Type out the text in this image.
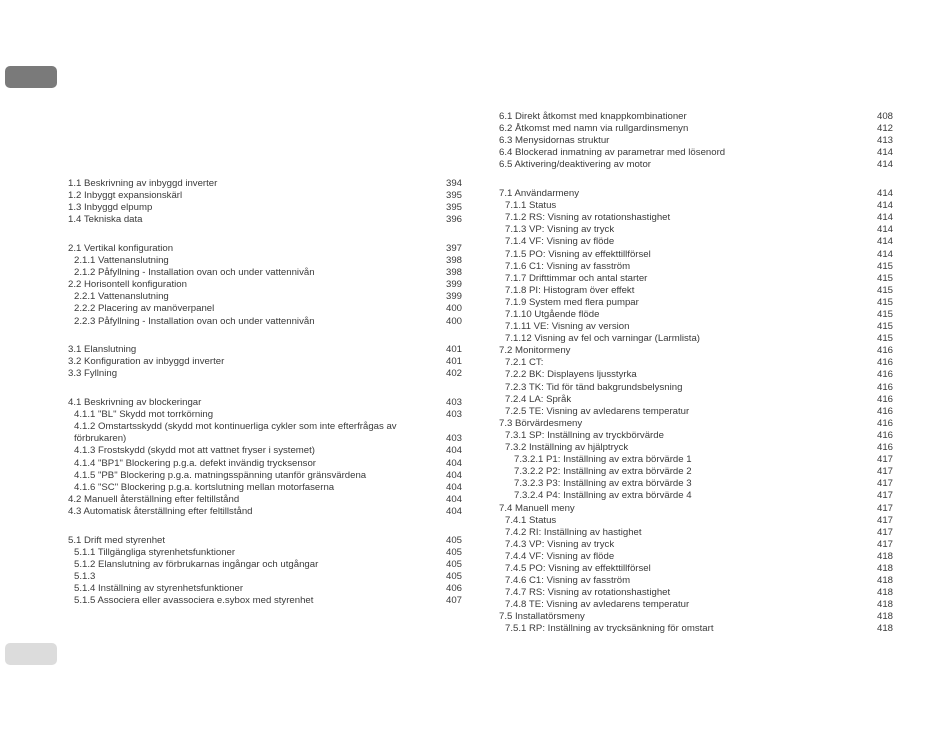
1.1 Beskrivning av inbyggd inverter	394
1.2 Inbyggt expansionskärl	395
1.3 Inbyggd elpump	395
1.4 Tekniska data	396
2.1 Vertikal konfiguration	397
2.1.1 Vattenanslutning	398
2.1.2 Påfyllning - Installation ovan och under vattennivån	398
2.2 Horisontell konfiguration	399
2.2.1 Vattenanslutning	399
2.2.2 Placering av manöverpanel	400
2.2.3 Påfyllning - Installation ovan och under vattennivån	400
3.1 Elanslutning	401
3.2 Konfiguration av inbyggd inverter	401
3.3 Fyllning	402
4.1 Beskrivning av blockeringar	403
4.1.1 "BL" Skydd mot torrkörning	403
4.1.2 Omstartsskydd (skydd mot kontinuerliga cykler som inte efterfrågas av förbrukaren)	403
4.1.3 Frostskydd (skydd mot att vattnet fryser i systemet)	404
4.1.4 "BP1" Blockering p.g.a. defekt invändig trycksensor	404
4.1.5 "PB" Blockering p.g.a. matningsspänning utanför gränsvärdena	404
4.1.6 "SC" Blockering p.g.a. kortslutning mellan motorfaserna	404
4.2 Manuell återställning efter feltillstånd	404
4.3 Automatisk återställning efter feltillstånd	404
5.1 Drift med styrenhet	405
5.1.1 Tillgängliga styrenhetsfunktioner	405
5.1.2 Elanslutning av förbrukarnas ingångar och utgångar	405
5.1.3	405
5.1.4 Inställning av styrenhetsfunktioner	406
5.1.5 Associera eller avassociera e.sybox med styrenhet	407
6.1 Direkt åtkomst med knappkombinationer	408
6.2 Åtkomst med namn via rullgardinsmenyn	412
6.3 Menysidornas struktur	413
6.4 Blockerad inmatning av parametrar med lösenord	414
6.5 Aktivering/deaktivering av motor	414
7.1 Användarmeny	414
7.1.1 Status	414
7.1.2 RS: Visning av rotationshastighet	414
7.1.3 VP: Visning av tryck	414
7.1.4 VF: Visning av flöde	414
7.1.5 PO: Visning av effekttillförsel	414
7.1.6 C1: Visning av fasström	415
7.1.7 Drifttimmar och antal starter	415
7.1.8 PI: Histogram över effekt	415
7.1.9 System med flera pumpar	415
7.1.10 Utgående flöde	415
7.1.11 VE: Visning av version	415
7.1.12 Visning av fel och varningar (Larmlista)	415
7.2 Monitormeny	416
7.2.1 CT:	416
7.2.2 BK: Displayens ljusstyrka	416
7.2.3 TK: Tid för tänd bakgrundsbelysning	416
7.2.4 LA: Språk	416
7.2.5 TE: Visning av avledarens temperatur	416
7.3 Börvärdesmeny	416
7.3.1 SP: Inställning av tryckbörvärde	416
7.3.2 Inställning av hjälptryck	416
7.3.2.1 P1: Inställning av extra börvärde 1	417
7.3.2.2 P2: Inställning av extra börvärde 2	417
7.3.2.3 P3: Inställning av extra börvärde 3	417
7.3.2.4 P4: Inställning av extra börvärde 4	417
7.4 Manuell meny	417
7.4.1 Status	417
7.4.2 RI: Inställning av hastighet	417
7.4.3 VP: Visning av tryck	417
7.4.4 VF: Visning av flöde	418
7.4.5 PO: Visning av effekttillförsel	418
7.4.6 C1: Visning av fasström	418
7.4.7 RS: Visning av rotationshastighet	418
7.4.8 TE: Visning av avledarens temperatur	418
7.5 Installatörsmeny	418
7.5.1 RP: Inställning av trycksänkning för omstart	418
